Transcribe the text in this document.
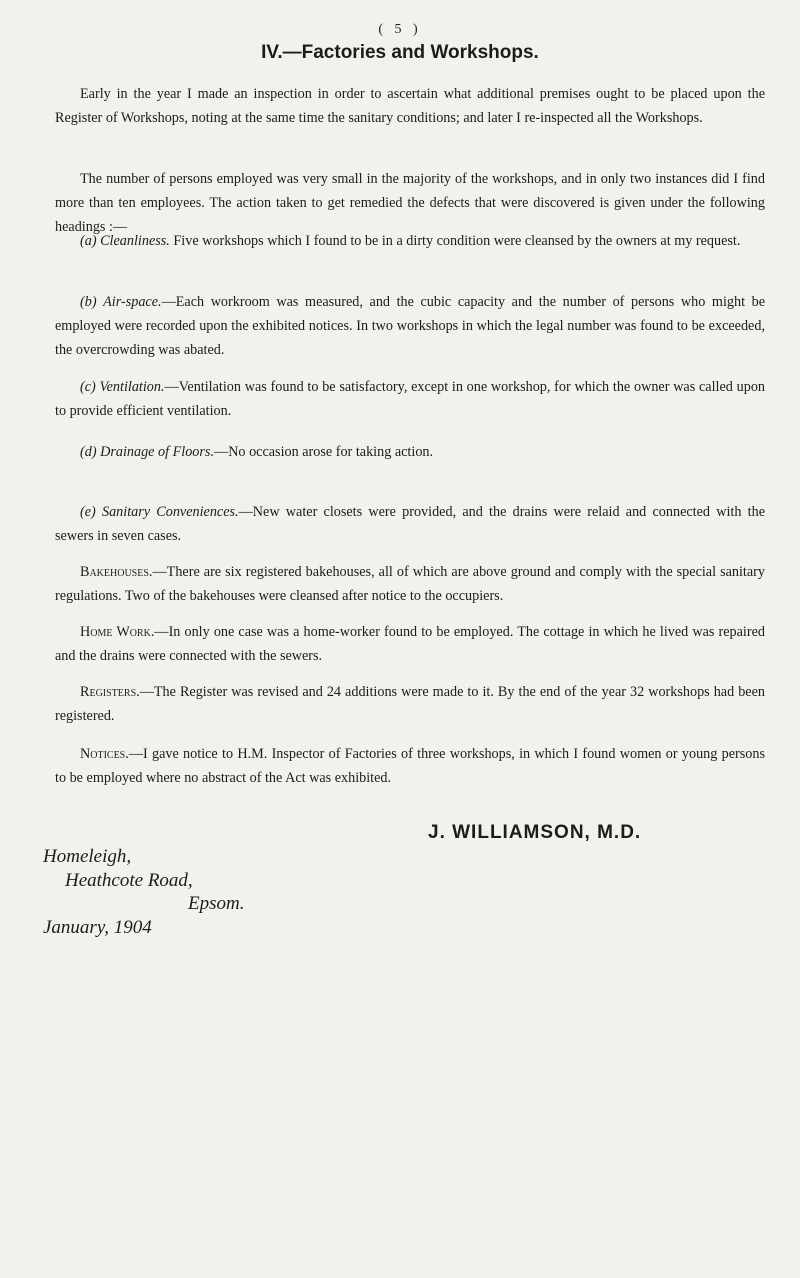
( 5 )
IV.—Factories and Workshops.
Early in the year I made an inspection in order to ascertain what additional premises ought to be placed upon the Register of Workshops, noting at the same time the sanitary conditions; and later I re-inspected all the Workshops.
The number of persons employed was very small in the majority of the workshops, and in only two instances did I find more than ten employees. The action taken to get remedied the defects that were discovered is given under the following headings :—
(a) Cleanliness. Five workshops which I found to be in a dirty condition were cleansed by the owners at my request.
(b) Air-space.—Each workroom was measured, and the cubic capacity and the number of persons who might be employed were recorded upon the exhibited notices. In two workshops in which the legal number was found to be exceeded, the overcrowding was abated.
(c) Ventilation.—Ventilation was found to be satisfactory, except in one workshop, for which the owner was called upon to provide efficient ventilation.
(d) Drainage of Floors.—No occasion arose for taking action.
(e) Sanitary Conveniences.—New water closets were provided, and the drains were relaid and connected with the sewers in seven cases.
Bakehouses.—There are six registered bakehouses, all of which are above ground and comply with the special sanitary regulations. Two of the bakehouses were cleansed after notice to the occupiers.
Home Work.—In only one case was a home-worker found to be employed. The cottage in which he lived was repaired and the drains were connected with the sewers.
Registers.—The Register was revised and 24 additions were made to it. By the end of the year 32 workshops had been registered.
Notices.—I gave notice to H.M. Inspector of Factories of three workshops, in which I found women or young persons to be employed where no abstract of the Act was exhibited.
J. WILLIAMSON, M.D.
Homeleigh,
Heathcote Road,
Epsom.
January, 1904
